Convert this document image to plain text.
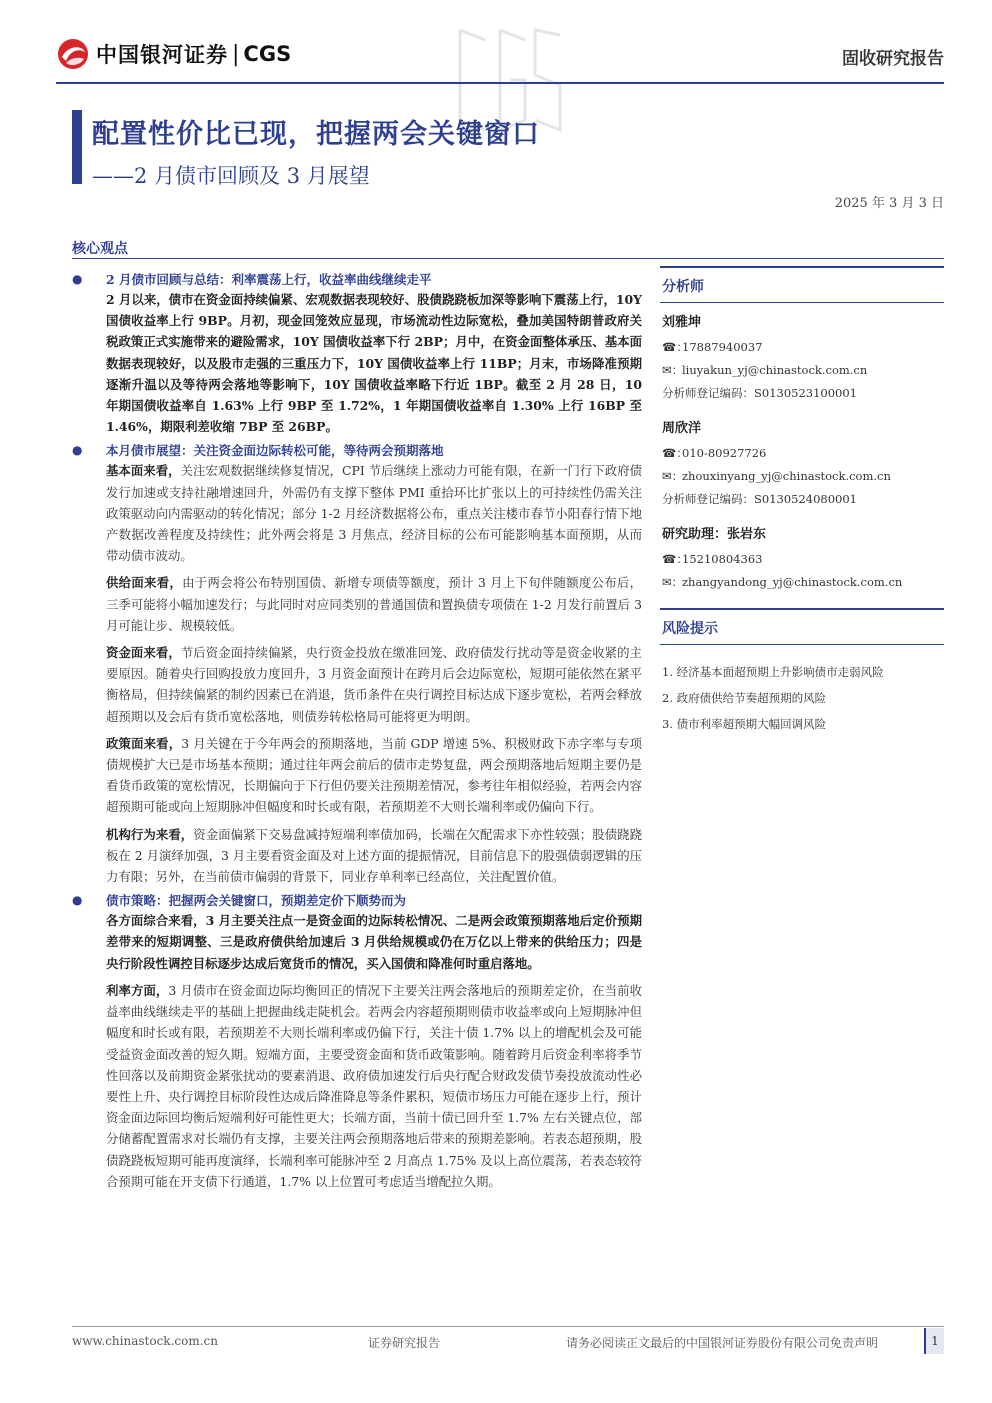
中国银河证券 | CGS	固收研究报告
配置性价比已现，把握两会关键窗口
——2 月债市回顾及 3 月展望
2025 年 3 月 3 日
核心观点
● 2 月债市回顾与总结：利率震荡上行，收益率曲线继续走平
2 月以来，债市在资金面持续偏紧、宏观数据表现较好、股债跷跷板加深等影响下震荡上行，10Y 国债收益率上行 9BP。月初，现金回笼效应显现，市场流动性边际宽松，叠加美国特朗普政府关税政策正式实施带来的避险需求，10Y 国债收益率下行 2BP；月中，在资金面整体承压、基本面数据表现较好，以及股市走强的三重压力下，10Y 国债收益率上行 11BP；月末，市场降准预期逐渐升温以及等待两会落地等影响下，10Y 国债收益率略下行近 1BP。截至 2 月 28 日，10 年期国债收益率自 1.63% 上行 9BP 至 1.72%，1 年期国债收益率自 1.30% 上行 16BP 至 1.46%，期限利差收缩 7BP 至 26BP。
● 本月债市展望：关注资金面边际转松可能，等待两会预期落地
基本面来看，关注宏观数据继续修复情况，CPI 节后继续上涨动力可能有限，在新一门行下政府债发行加速或支持社融增速回升，外需仍有支撑下整体 PMI 重拾环比扩张以上的可持续性仍需关注政策驱动向内需驱动的转化情况；部分 1-2 月经济数据将公布，重点关注楼市春节小阳春行情下地产数据改善程度及持续性；此外两会将是 3 月焦点，经济目标的公布可能影响基本面预期，从而带动债市波动。
供给面来看，由于两会将公布特别国债、新增专项债等额度，预计 3 月上下旬伴随额度公布后，三季可能将小幅加速发行；与此同时对应同类别的普通国债和置换债专项债在 1-2 月发行前置后 3 月可能让步、规模较低。
资金面来看，节后资金面持续偏紧，央行资金投放在缴准回笼、政府债发行扰动等是资金收紧的主要原因。随着央行回购投放力度回升，3 月资金面预计在跨月后会边际宽松，短期可能依然在紧平衡格局，但持续偏紧的制约因素已在消退，货币条件在央行调控目标达成下逐步宽松，若两会释放超预期以及会后有货币宽松落地，则债券转松格局可能将更为明朗。
政策面来看，3 月关键在于今年两会的预期落地，当前 GDP 增速 5%、积极财政下赤字率与专项债规模扩大已是市场基本预期；通过往年两会前后的债市走势复盘，两会预期落地后短期主要仍是看货币政策的宽松情况，长期偏向于下行但仍要关注预期差情况，参考往年相似经验，若两会内容超预期可能或向上短期脉冲但幅度和时长或有限，若预期差不大则长端利率或仍偏向下行。
机构行为来看，资金面偏紧下交易盘减持短端利率债加码，长端在欠配需求下亦性较强；股债跷跷板在 2 月演绎加强，3 月主要看资金面及对上述方面的提振情况，目前信息下的股强债弱逻辑的压力有限；另外，在当前债市偏弱的背景下，同业存单利率已经高位，关注配置价值。
● 债市策略：把握两会关键窗口，预期差定价下顺势而为
各方面综合来看，3 月主要关注点一是资金面的边际转松情况、二是两会政策预期落地后定价预期差带来的短期调整、三是政府债供给加速后 3 月供给规模或仍在万亿以上带来的供给压力；四是央行阶段性调控目标逐步达成后宽货币的情况，买入国债和降准何时重启落地。
利率方面，3 月债市在资金面边际均衡回正的情况下主要关注两会落地后的预期差定价，在当前收益率曲线继续走平的基础上把握曲线走陡机会。若两会内容超预期则债市收益率或向上短期脉冲但幅度和时长或有限，若预期差不大则长端利率或仍偏下行，关注十债 1.7% 以上的增配机会及可能受益资金面改善的短久期。短端方面，主要受资金面和货币政策影响。随着跨月后资金利率将季节性回落以及前期资金紧张扰动的要素消退、政府债加速发行后央行配合财政发债节奏投放流动性必要性上升、央行调控目标阶段性达成后降准降息等条件累积，短债市场压力可能在逐步上行，预计资金面边际回均衡后短端利好可能性更大；长端方面，当前十债已回升至 1.7% 左右关键点位，部分储蓄配置需求对长端仍有支撑，主要关注两会预期落地后带来的预期差影响。若表态超预期，股债跷跷板短期可能再度演绎，长端利率可能脉冲至 2 月高点 1.75% 及以上高位震荡，若表态较符合预期可能在开支债下行通道，1.7% 以上位置可考虑适当增配拉久期。
分析师
刘雅坤
☎：
17887940037
✉：
liuyakun_yj@chinastock.com.cn
分析师登记编码：S0130523100001
周欣洋
☎：
010-80927726
✉：
zhouxinyang_yj@chinastock.com.cn
分析师登记编码：S0130524080001
研究助理：张岩东
☎：
15210804363
✉：
zhangyandong_yj@chinastock.com.cn
风险提示
1. 经济基本面超预期上升影响债市走弱风险
2. 政府债供给节奏超预期的风险
3. 债市利率超预期大幅回调风险
www.chinastock.com.cn	证券研究报告	请务必阅读正文最后的中国银河证券股份有限公司免责声明	1
